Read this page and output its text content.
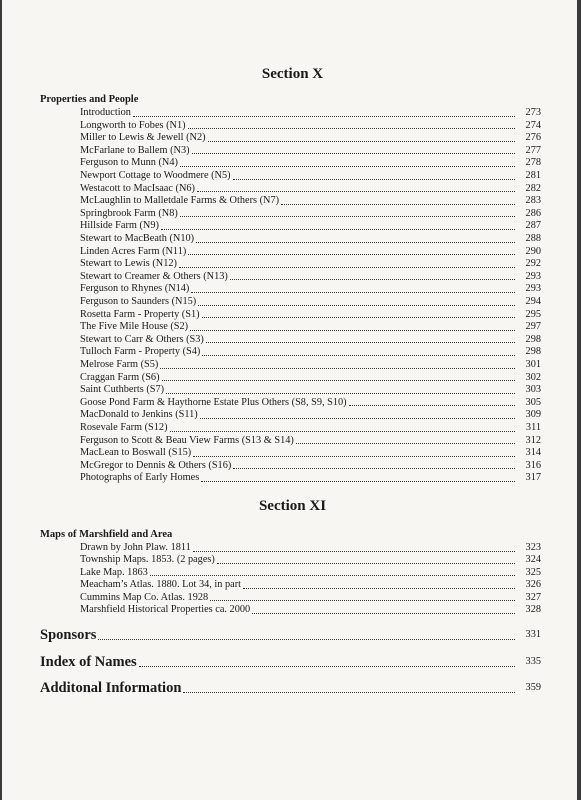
Section X
Properties and People
Introduction	273
Longworth to Fobes (N1)	274
Miller to Lewis & Jewell (N2)	276
McFarlane to Ballem (N3)	277
Ferguson to Munn (N4)	278
Newport Cottage to Woodmere (N5)	281
Westacott to MacIsaac (N6)	282
McLaughlin to Malletdale Farms & Others (N7)	283
Springbrook Farm (N8)	286
Hillside Farm (N9)	287
Stewart to MacBeath (N10)	288
Linden Acres Farm (N11)	290
Stewart to Lewis (N12)	292
Stewart to Creamer & Others (N13)	293
Ferguson to Rhynes (N14)	293
Ferguson to Saunders (N15)	294
Rosetta Farm - Property (S1)	295
The Five Mile House (S2)	297
Stewart to Carr & Others (S3)	298
Tulloch Farm - Property (S4)	298
Melrose Farm (S5)	301
Craggan Farm (S6)	302
Saint Cuthberts (S7)	303
Goose Pond Farm & Haythorne Estate Plus Others (S8, S9, S10)	305
MacDonald to Jenkins (S11)	309
Rosevale Farm (S12)	311
Ferguson to Scott & Beau View Farms (S13 & S14)	312
MacLean to Boswall (S15)	314
McGregor to Dennis & Others (S16)	316
Photographs of Early Homes	317
Section XI
Maps of Marshfield and Area
Drawn by John Plaw. 1811	323
Township Maps. 1853. (2 pages)	324
Lake Map. 1863	325
Meacham’s Atlas. 1880. Lot 34, in part	326
Cummins Map Co. Atlas. 1928	327
Marshfield Historical Properties ca. 2000	328
Sponsors	331
Index of Names	335
Additonal Information	359
